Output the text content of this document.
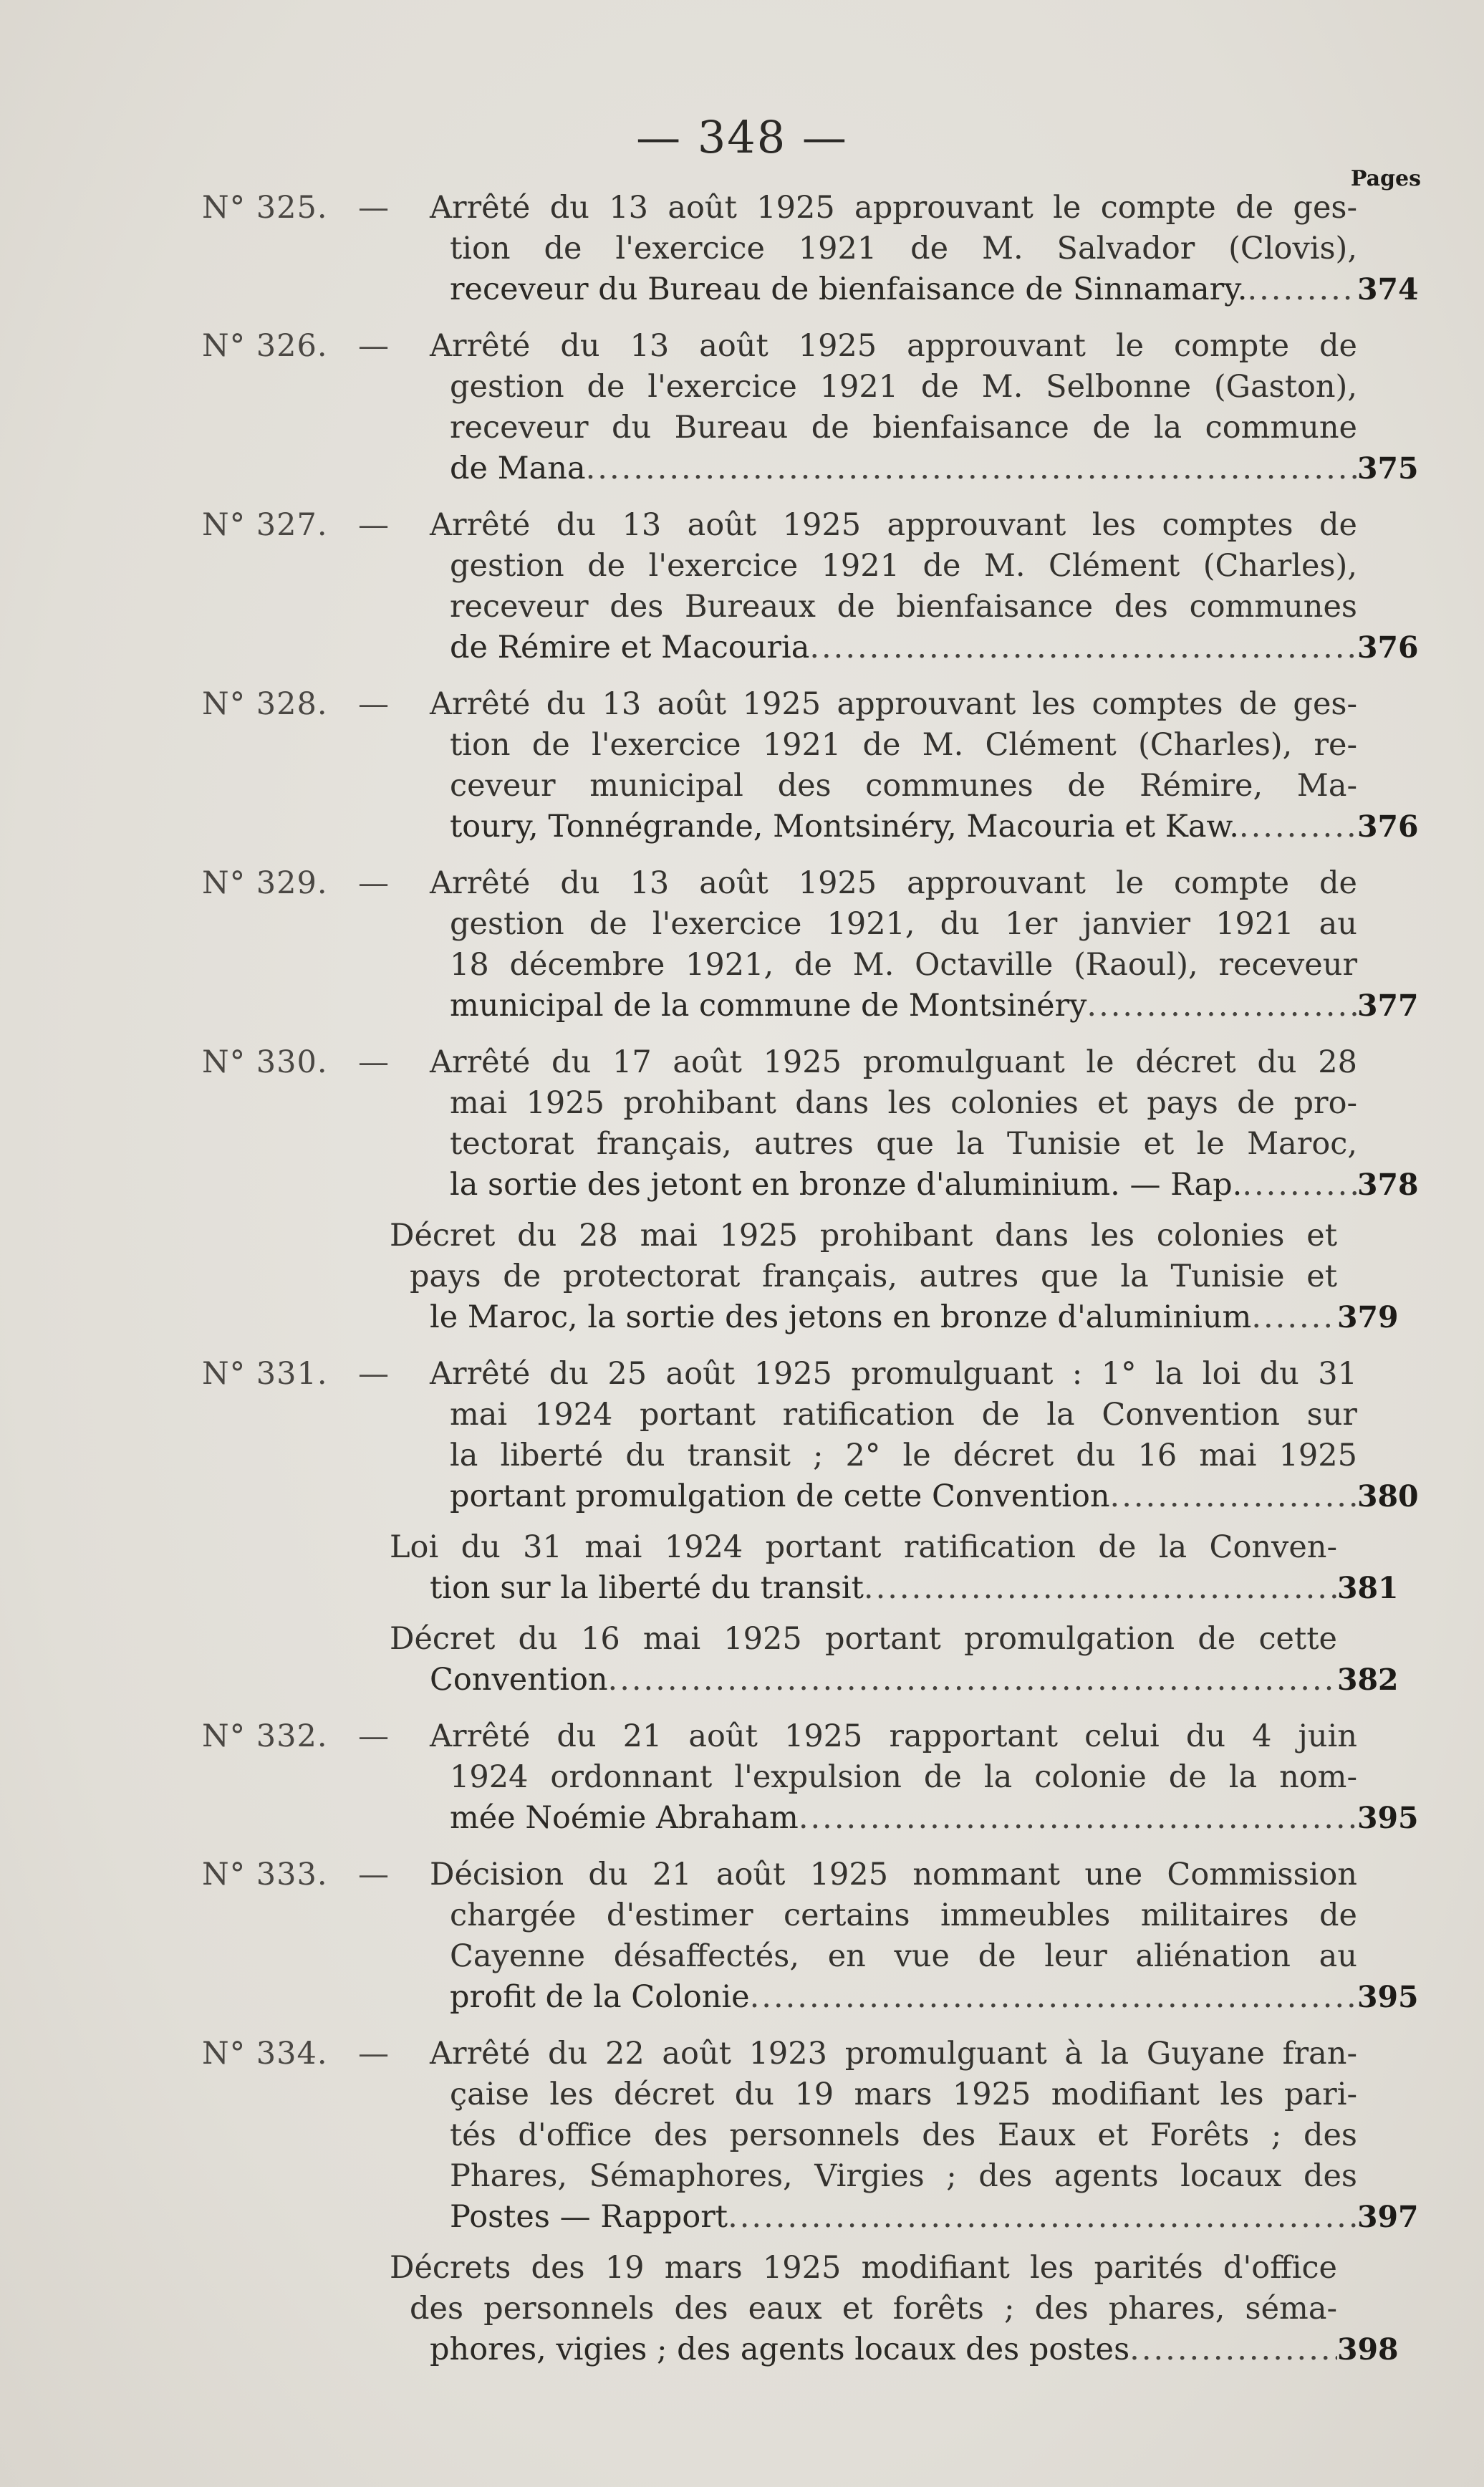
— 348 —
Pages
N° 325. — Arrêté du 13 août 1925 approuvant le compte de ges-
tion de l'exercice 1921 de M. Salvador (Clovis),
receveur du Bureau de bienfaisance de Sinnamary. .....	374
N° 326. — Arrêté du 13 août 1925 approuvant le compte de
gestion de l'exercice 1921 de M. Selbonne (Gaston),
receveur du Bureau de bienfaisance de la commune
de Mana .....	375
N° 327. — Arrêté du 13 août 1925 approuvant les comptes de
gestion de l'exercice 1921 de M. Clément (Charles),
receveur des Bureaux de bienfaisance des communes
de Rémire et Macouria .....	376
N° 328. — Arrêté du 13 août 1925 approuvant les comptes de ges-
tion de l'exercice 1921 de M. Clément (Charles), re-
ceveur municipal des communes de Rémire, Ma-
toury, Tonnégrande, Montsinéry, Macouria et Kaw. .....	376
N° 329. — Arrêté du 13 août 1925 approuvant le compte de
gestion de l'exercice 1921, du 1er janvier 1921 au
18 décembre 1921, de M. Octaville (Raoul), receveur
municipal de la commune de Montsinéry .....	377
N° 330. — Arrêté du 17 août 1925 promulguant le décret du 28
mai 1925 prohibant dans les colonies et pays de pro-
tectorat français, autres que la Tunisie et le Maroc,
la sortie des jetont en bronze d'aluminium. — Rap. .....	378
Décret du 28 mai 1925 prohibant dans les colonies et
pays de protectorat français, autres que la Tunisie et
le Maroc, la sortie des jetons en bronze d'aluminium .....	379
N° 331. — Arrêté du 25 août 1925 promulguant : 1° la loi du 31
mai 1924 portant ratification de la Convention sur
la liberté du transit ; 2° le décret du 16 mai 1925
portant promulgation de cette Convention .....	380
Loi du 31 mai 1924 portant ratification de la Conven-
tion sur la liberté du transit .....	381
Décret du 16 mai 1925 portant promulgation de cette
Convention .....	382
N° 332. — Arrêté du 21 août 1925 rapportant celui du 4 juin
1924 ordonnant l'expulsion de la colonie de la nom-
mée Noémie Abraham .....	395
N° 333. — Décision du 21 août 1925 nommant une Commission
chargée d'estimer certains immeubles militaires de
Cayenne désaffectés, en vue de leur aliénation au
profit de la Colonie .....	395
N° 334. — Arrêté du 22 août 1923 promulguant à la Guyane fran-
çaise les décret du 19 mars 1925 modifiant les pari-
tés d'office des personnels des Eaux et Forêts ; des
Phares, Sémaphores, Virgies ; des agents locaux des
Postes — Rapport .....	397
Décrets des 19 mars 1925 modifiant les parités d'office
des personnels des eaux et forêts ; des phares, séma-
phores, vigies ; des agents locaux des postes .....	398
